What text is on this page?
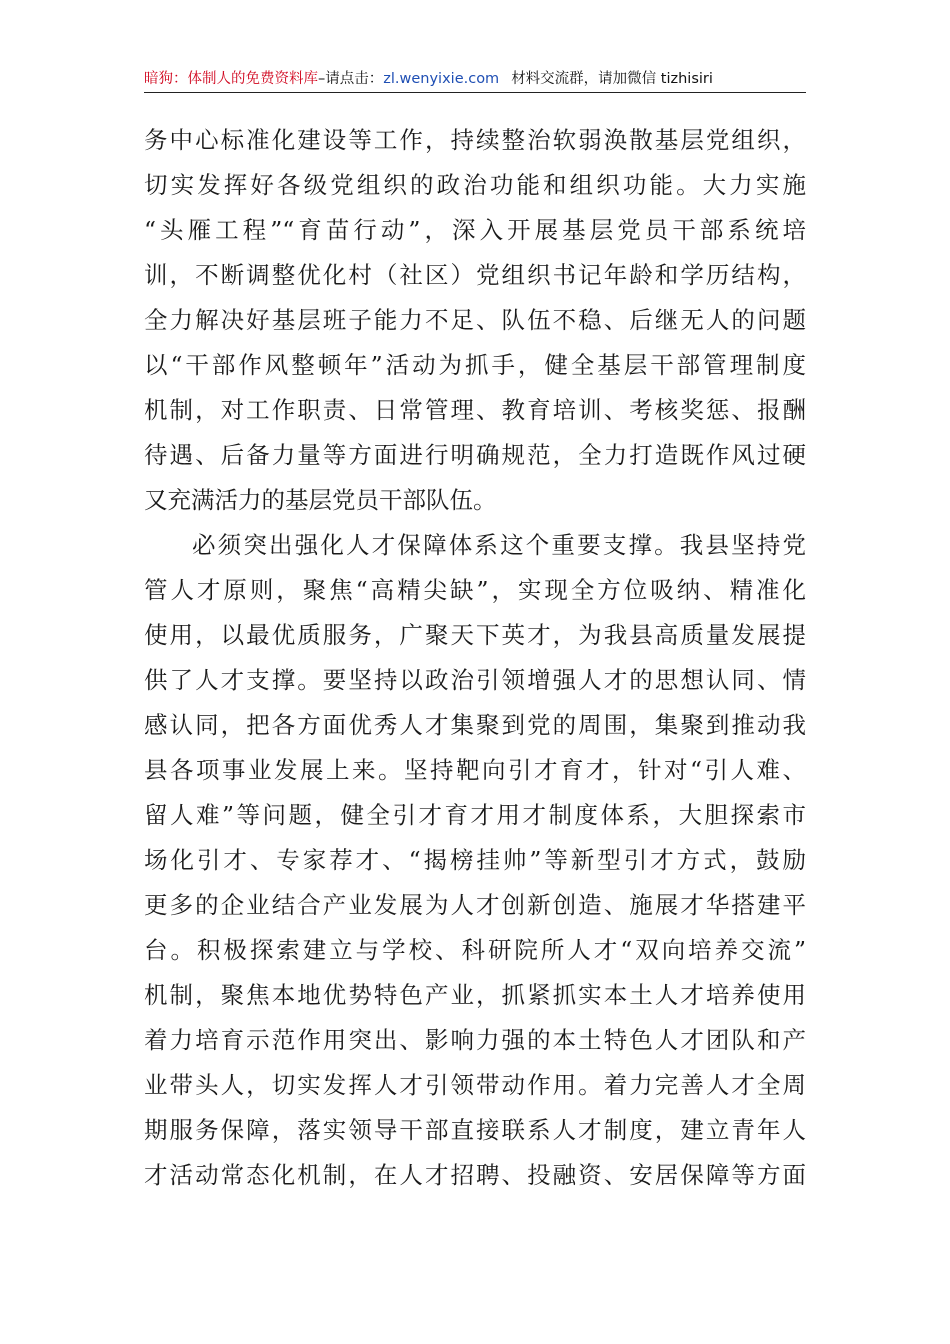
暗狗：体制人的免费资料库–请点击：zl.wenyixie.com 材料交流群，请加微信 tizhisiri
务中心标准化建设等工作，持续整治软弱涣散基层党组织，
切实发挥好各级党组织的政治功能和组织功能。大力实施
“头雁工程”“育苗行动”，深入开展基层党员干部系统培
训，不断调整优化村（社区）党组织书记年龄和学历结构，
全力解决好基层班子能力不足、队伍不稳、后继无人的问题
以“干部作风整顿年”活动为抓手，健全基层干部管理制度
机制，对工作职责、日常管理、教育培训、考核奖惩、报酬
待遇、后备力量等方面进行明确规范，全力打造既作风过硬
又充满活力的基层党员干部队伍。
必须突出强化人才保障体系这个重要支撑。我县坚持党
管人才原则，聚焦“高精尖缺”，实现全方位吸纳、精准化
使用，以最优质服务，广聚天下英才，为我县高质量发展提
供了人才支撑。要坚持以政治引领增强人才的思想认同、情
感认同，把各方面优秀人才集聚到党的周围，集聚到推动我
县各项事业发展上来。坚持靶向引才育才，针对“引人难、
留人难”等问题，健全引才育才用才制度体系，大胆探索市
场化引才、专家荐才、“揭榜挂帅”等新型引才方式，鼓励
更多的企业结合产业发展为人才创新创造、施展才华搭建平
台。积极探索建立与学校、科研院所人才“双向培养交流”
机制，聚焦本地优势特色产业，抓紧抓实本土人才培养使用
着力培育示范作用突出、影响力强的本土特色人才团队和产
业带头人，切实发挥人才引领带动作用。着力完善人才全周
期服务保障，落实领导干部直接联系人才制度，建立青年人
才活动常态化机制，在人才招聘、投融资、安居保障等方面
